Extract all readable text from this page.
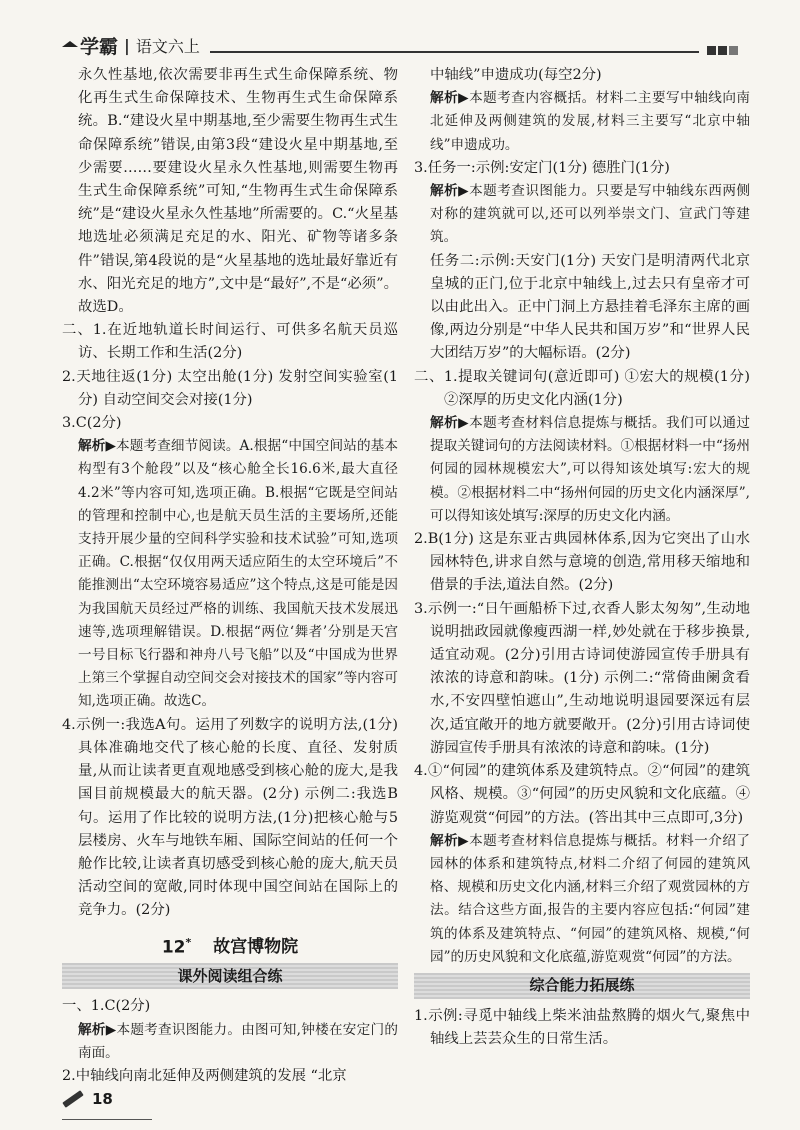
学霸 | 语文六上

永久性基地,依次需要非再生式生命保障系统、物化再生式生命保障技术、生物再生式生命保障系统。B.“建设火星中期基地,至少需要生物再生式生命保障系统”错误,由第3段“建设火星中期基地,至少需要……要建设火星永久性基地,则需要生物再生式生命保障系统”可知,“生物再生式生命保障系统”是“建设火星永久性基地”所需要的。C.“火星基地选址必须满足充足的水、阳光、矿物等诸多条件”错误,第4段说的是“火星基地的选址最好靠近有水、阳光充足的地方”,文中是“最好”,不是“必须”。故选D。

二、1.在近地轨道长时间运行、可供多名航天员巡访、长期工作和生活(2分)

2.天地往返(1分) 太空出舱(1分) 发射空间实验室(1分) 自动空间交会对接(1分)

3.C(2分)

解析▶本题考查细节阅读。A.根据“中国空间站的基本构型有3个舱段”以及“核心舱全长16.6米,最大直径4.2米”等内容可知,选项正确。B.根据“它既是空间站的管理和控制中心,也是航天员生活的主要场所,还能支持开展少量的空间科学实验和技术试验”可知,选项正确。C.根据“仅仅用两天适应陌生的太空环境后”不能推测出“太空环境容易适应”这个特点,这是可能是因为我国航天员经过严格的训练、我国航天技术发展迅速等,选项理解错误。D.根据“两位‘舞者’分别是天宫一号目标飞行器和神舟八号飞船”以及“中国成为世界上第三个掌握自动空间交会对接技术的国家”等内容可知,选项正确。故选C。

4.示例一:我选A句。运用了列数字的说明方法,(1分)具体准确地交代了核心舱的长度、直径、发射质量,从而让读者更直观地感受到核心舱的庞大,是我国目前规模最大的航天器。(2分) 示例二:我选B句。运用了作比较的说明方法,(1分)把核心舱与5层楼房、火车与地铁车厢、国际空间站的任何一个舱作比较,让读者真切感受到核心舱的庞大,航天员活动空间的宽敞,同时体现中国空间站在国际上的竞争力。(2分)

12* 故宫博物院
课外阅读组合练

一、1.C(2分)

解析▶本题考查识图能力。由图可知,钟楼在安定门的南面。

2.中轴线向南北延伸及两侧建筑的发展 “北京

中轴线”申遗成功(每空2分)

解析▶本题考查内容概括。材料二主要写中轴线向南北延伸及两侧建筑的发展,材料三主要写“北京中轴线”申遗成功。

3.任务一:示例:安定门(1分) 德胜门(1分)

解析▶本题考查识图能力。只要是写中轴线东西两侧对称的建筑就可以,还可以列举崇文门、宣武门等建筑。

任务二:示例:天安门(1分) 天安门是明清两代北京皇城的正门,位于北京中轴线上,过去只有皇帝才可以由此出入。正中门洞上方悬挂着毛泽东主席的画像,两边分别是“中华人民共和国万岁”和“世界人民大团结万岁”的大幅标语。(2分)

二、1.提取关键词句(意近即可) ①宏大的规模(1分) ②深厚的历史文化内涵(1分)

解析▶本题考查材料信息提炼与概括。我们可以通过提取关键词句的方法阅读材料。①根据材料一中“扬州何园的园林规模宏大”,可以得知该处填写:宏大的规模。②根据材料二中“扬州何园的历史文化内涵深厚”,可以得知该处填写:深厚的历史文化内涵。

2.B(1分) 这是东亚古典园林体系,因为它突出了山水园林特色,讲求自然与意境的创造,常用移天缩地和借景的手法,道法自然。(2分)

3.示例一:“日午画船桥下过,衣香人影太匆匆”,生动地说明拙政园就像瘦西湖一样,妙处就在于移步换景,适宜动观。(2分)引用古诗词使游园宣传手册具有浓浓的诗意和韵味。(1分) 示例二:“常倚曲阑贪看水,不安四壁怕遮山”,生动地说明退园要深远有层次,适宜敞开的地方就要敞开。(2分)引用古诗词使游园宣传手册具有浓浓的诗意和韵味。(1分)

4.①“何园”的建筑体系及建筑特点。②“何园”的建筑风格、规模。③“何园”的历史风貌和文化底蕴。④游览观赏“何园”的方法。(答出其中三点即可,3分)

解析▶本题考查材料信息提炼与概括。材料一介绍了园林的体系和建筑特点,材料二介绍了何园的建筑风格、规模和历史文化内涵,材料三介绍了观赏园林的方法。结合这些方面,报告的主要内容应包括:“何园”建筑的体系及建筑特点、“何园”的建筑风格、规模,“何园”的历史风貌和文化底蕴,游览观赏“何园”的方法。

综合能力拓展练

1.示例:寻觅中轴线上柴米油盐熬腾的烟火气,聚焦中轴线上芸芸众生的日常生活。

18
